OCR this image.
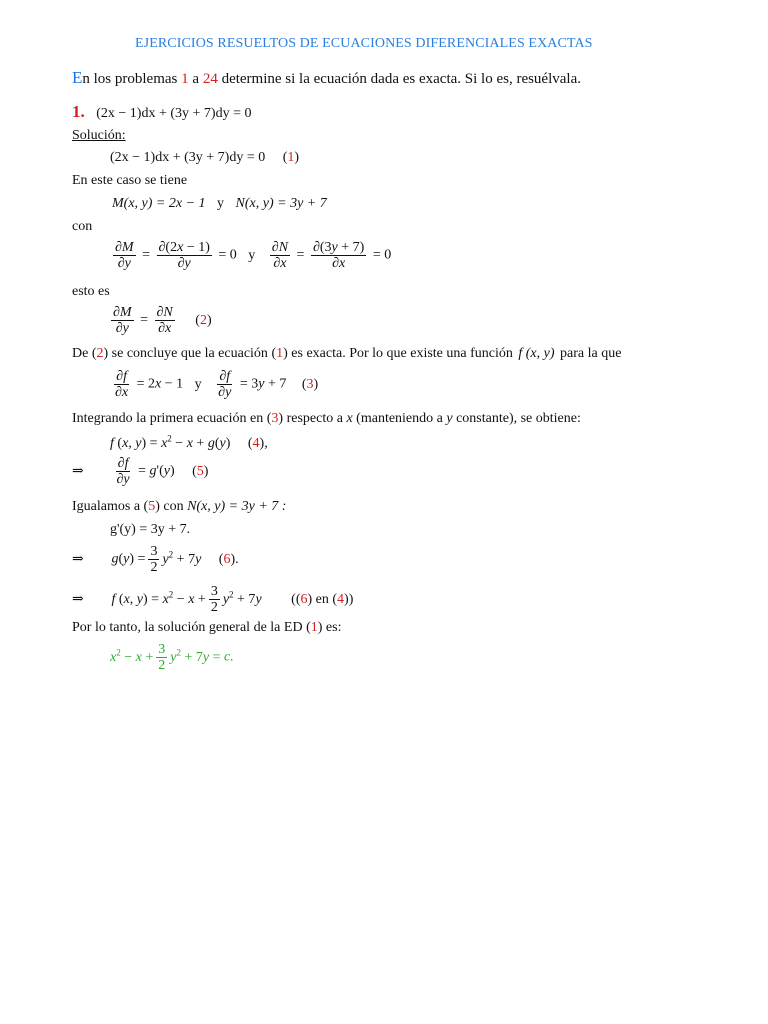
EJERCICIOS RESUELTOS DE ECUACIONES DIFERENCIALES EXACTAS
En los problemas 1 a 24 determine si la ecuación dada es exacta. Si lo es, resuélvala.
1. (2x − 1)dx + (3y + 7)dy = 0
Solución:
(2x − 1)dx + (3y + 7)dy = 0 (1)
En este caso se tiene
M(x, y) = 2x − 1 y N(x, y) = 3y + 7
con
$\frac{\partial M}{\partial y} = \frac{\partial(2x - 1)}{\partial y} = 0$ y $\frac{\partial N}{\partial x} = \frac{\partial(3y + 7)}{\partial x} = 0$
esto es
$\frac{\partial M}{\partial y} = \frac{\partial N}{\partial x} (2)$
De (2) se concluye que la ecuación (1) es exacta. Por lo que existe una función f (x, y) para la que
$\frac{\partial f}{\partial x} = 2x - 1$ y $\frac{\partial f}{\partial y} = 3y + 7$ (3)
Integrando la primera ecuación en (3) respecto a x (manteniendo a y constante), se obtiene:
f (x, $y) = x^2 - x + g(y)$ (4),
⇒ $\frac{\partial f}{\partial y} = g'(y)$ (5)
Igualamos a (5) con N(x, y) = 3y + 7 :
g'(y) = 3y + 7.
⇒ $g(y) = \frac{3}{2} y^2 + 7y$ (6).
⇒ f (x, $y) = x^2 - x + \frac{3}{2} y^2 + 7y$ ((6) en (4))
Por lo tanto, la solución general de la ED (1) es:
$x^2 - x + \frac{3}{2} y^2 + 7y = c$.
